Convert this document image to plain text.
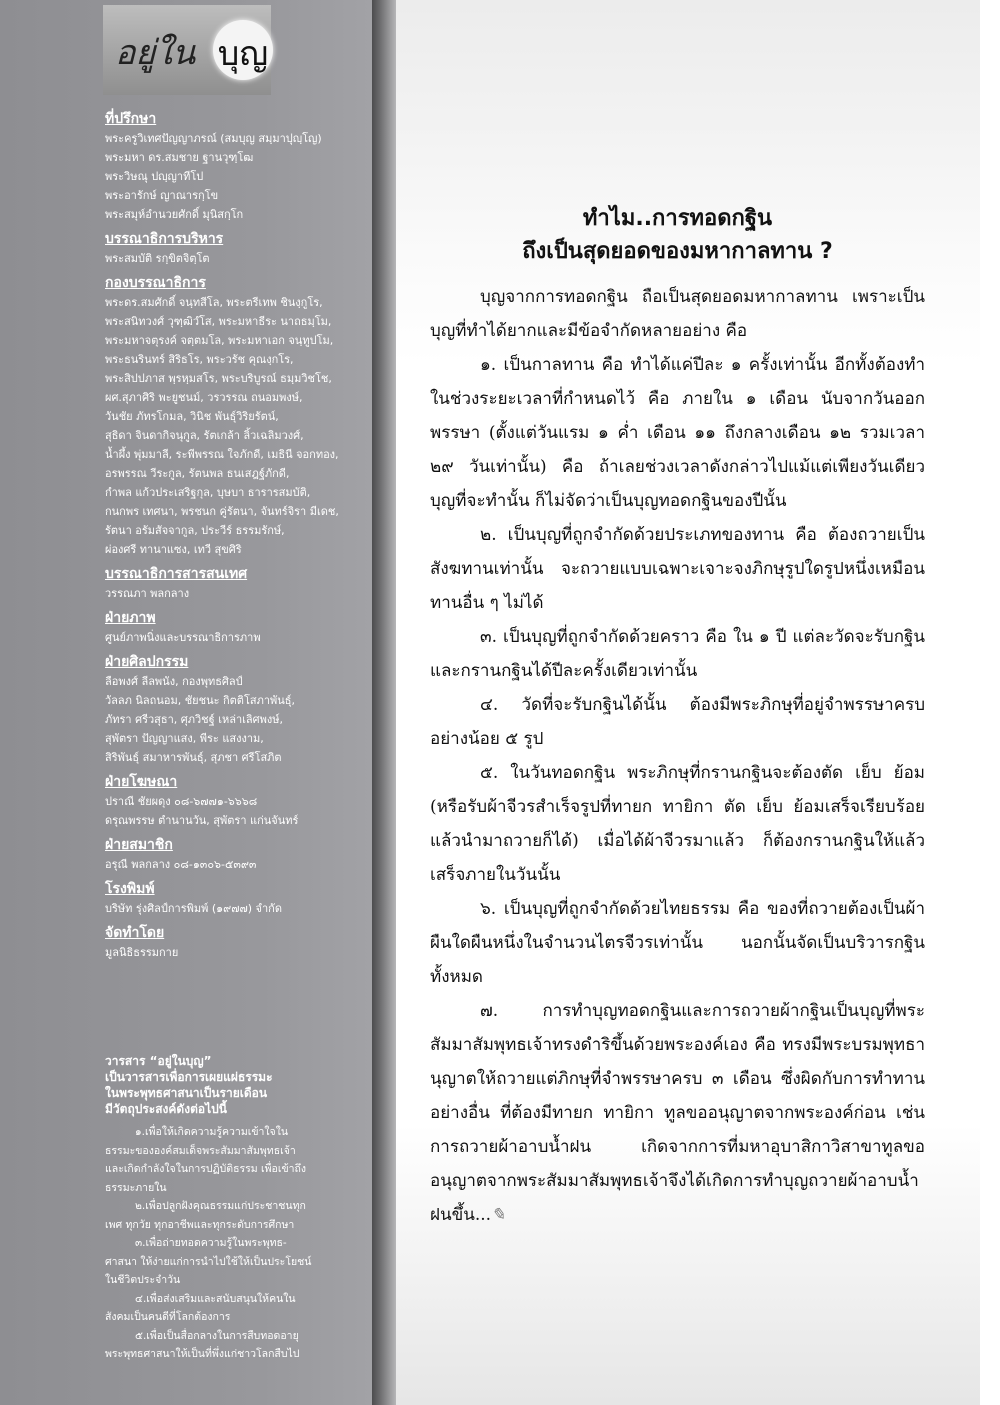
อยู่ใน บุญ
ที่ปรึกษา

พระครูวิเทศปัญญาภรณ์ (สมบุญ สมฺมาปุญฺโญ)
พระมหา ดร.สมชาย ฐานวุฑฺโฒ
พระวิษณุ ปญฺญาทีโป
พระอารักษ์ ญาณารกฺโข
พระสมุห์อำนวยศักดิ์ มุนิสกฺโก

บรรณาธิการบริหาร

พระสมบัติ รกฺขิตจิตฺโต

กองบรรณาธิการ

พระดร.สมศักดิ์ จนฺทสีโล, พระตรีเทพ ชินงฺกูโร,
พระสนิทวงศ์ วุฑฺฒิวํโส, พระมหาธีระ นาถธมฺโม,
พระมหาจตุรงค์ จตฺตมโล, พระมหาเอก จนฺทูปโม,
พระธนรินทร์ สิริธโร, พระวรัช คุณงฺกโร,
พระสิปปภาส พฺรหฺมสโร, พระบริบูรณ์ ธมฺมวิชโช,
ผศ.สุภาศิริ พะยูชนม์, วรวรรณ ถนอมพงษ์,
วันชัย ภัทรโกมล, วินิช พันธุ์วิริยรัตน์,
สุธิดา จินดากิจนุกูล, รัตเกล้า ลิ้วเฉลิมวงศ์,
น้ำผึ้ง พุ่มมาลี, ระพีพรรณ ใจภักดี, เมธินี จอกทอง,
อรพรรณ วีระกูล, รัตนพล ธนเสฎฐ์ภักดี,
กำพล แก้วประเสริฐกุล, บุษบา ธารารสมบัติ,
กนกพร เทศนา, พรชนก คู่รัตนา, จันทร์จิรา มีเดช,
รัตนา อรัมสัจจากูล, ประวีร์ ธรรมรักษ์,
ผ่องศรี ทานาแซง, เทวี สุขศิริ

บรรณาธิการสารสนเทศ

วรรณภา พลกลาง

ฝ่ายภาพ

ศูนย์ภาพนิ่งและบรรณาธิการภาพ

ฝ่ายศิลปกรรม

ลือพงศ์ ลีลพนัง, กองพุทธศิลป์
วัลลภ นิลถนอม, ชัยชนะ กิตติโสภาพันธุ์,
ภัทรา ศรีวสุธา, ศุภวิชฐ์ เหล่าเลิศพงษ์,
สุพัตรา ปัญญาแสง, พีระ แสงงาม,
สิริพันธุ์ สมาหารพันธุ์, สุภชา ศรีโสภิต

ฝ่ายโฆษณา

ปราณี ชัยผดุง ๐๘-๖๗๗๑-๖๖๖๘
ดรุณพรรษ ตำนานวัน, สุพัตรา แก่นจันทร์

ฝ่ายสมาชิก

อรุณี พลกลาง ๐๘-๑๓๐๖-๕๓๙๓

โรงพิมพ์

บริษัท รุ่งศิลป์การพิมพ์ (๑๙๗๗) จำกัด

จัดทำโดย

มูลนิธิธรรมกาย

วารสาร “อยู่ในบุญ”
เป็นวารสารเพื่อการเผยแผ่ธรรมะ
ในพระพุทธศาสนาเป็นรายเดือน
มีวัตถุประสงค์ดังต่อไปนี้

๑.เพื่อให้เกิดความรู้ความเข้าใจในธรรมะขององค์สมเด็จพระสัมมาสัมพุทธเจ้า และเกิดกำลังใจในการปฏิบัติธรรม เพื่อเข้าถึงธรรมะภายใน

๒.เพื่อปลูกฝังคุณธรรมแก่ประชาชนทุกเพศ ทุกวัย ทุกอาชีพและทุกระดับการศึกษา

๓.เพื่อถ่ายทอดความรู้ในพระพุทธ-ศาสนา ให้ง่ายแก่การนำไปใช้ให้เป็นประโยชน์ในชีวิตประจำวัน

๔.เพื่อส่งเสริมและสนับสนุนให้คนในสังคมเป็นคนดีที่โลกต้องการ

๕.เพื่อเป็นสื่อกลางในการสืบทอดอายุพระพุทธศาสนาให้เป็นที่พึ่งแก่ชาวโลกสืบไป

ทำไม..การทอดกฐิน
ถึงเป็นสุดยอดของมหากาลทาน ?

บุญจากการทอดกฐิน ถือเป็นสุดยอดมหากาลทาน เพราะเป็นบุญที่ทำได้ยากและมีข้อจำกัดหลายอย่าง คือ

๑. เป็นกาลทาน คือ ทำได้แค่ปีละ ๑ ครั้งเท่านั้น อีกทั้งต้องทำในช่วงระยะเวลาที่กำหนดไว้ คือ ภายใน ๑ เดือน นับจากวันออกพรรษา (ตั้งแต่วันแรม ๑ ค่ำ เดือน ๑๑ ถึงกลางเดือน ๑๒ รวมเวลา ๒๙ วันเท่านั้น) คือ ถ้าเลยช่วงเวลาดังกล่าวไปแม้แต่เพียงวันเดียว บุญที่จะทำนั้น ก็ไม่จัดว่าเป็นบุญทอดกฐินของปีนั้น

๒. เป็นบุญที่ถูกจำกัดด้วยประเภทของทาน คือ ต้องถวายเป็นสังฆทานเท่านั้น จะถวายแบบเฉพาะเจาะจงภิกษุรูปใดรูปหนึ่งเหมือนทานอื่น ๆ ไม่ได้

๓. เป็นบุญที่ถูกจำกัดด้วยคราว คือ ใน ๑ ปี แต่ละวัดจะรับกฐินและกรานกฐินได้ปีละครั้งเดียวเท่านั้น

๔. วัดที่จะรับกฐินได้นั้น ต้องมีพระภิกษุที่อยู่จำพรรษาครบอย่างน้อย ๕ รูป

๕. ในวันทอดกฐิน พระภิกษุที่กรานกฐินจะต้องตัด เย็บ ย้อม (หรือรับผ้าจีวรสำเร็จรูปที่ทายก ทายิกา ตัด เย็บ ย้อมเสร็จเรียบร้อยแล้วนำมาถวายก็ได้) เมื่อได้ผ้าจีวรมาแล้ว ก็ต้องกรานกฐินให้แล้วเสร็จภายในวันนั้น

๖. เป็นบุญที่ถูกจำกัดด้วยไทยธรรม คือ ของที่ถวายต้องเป็นผ้าผืนใดผืนหนึ่งในจำนวนไตรจีวรเท่านั้น นอกนั้นจัดเป็นบริวารกฐินทั้งหมด

๗. การทำบุญทอดกฐินและการถวายผ้ากฐินเป็นบุญที่พระสัมมาสัมพุทธเจ้าทรงดำริขึ้นด้วยพระองค์เอง คือ ทรงมีพระบรมพุทธานุญาตให้ถวายแต่ภิกษุที่จำพรรษาครบ ๓ เดือน ซึ่งผิดกับการทำทานอย่างอื่น ที่ต้องมีทายก ทายิกา ทูลขออนุญาตจากพระองค์ก่อน เช่น การถวายผ้าอาบน้ำฝน เกิดจากการที่มหาอุบาสิกาวิสาขาทูลขออนุญาตจากพระสัมมาสัมพุทธเจ้าจึงได้เกิดการทำบุญถวายผ้าอาบน้ำฝนขึ้น...✎
